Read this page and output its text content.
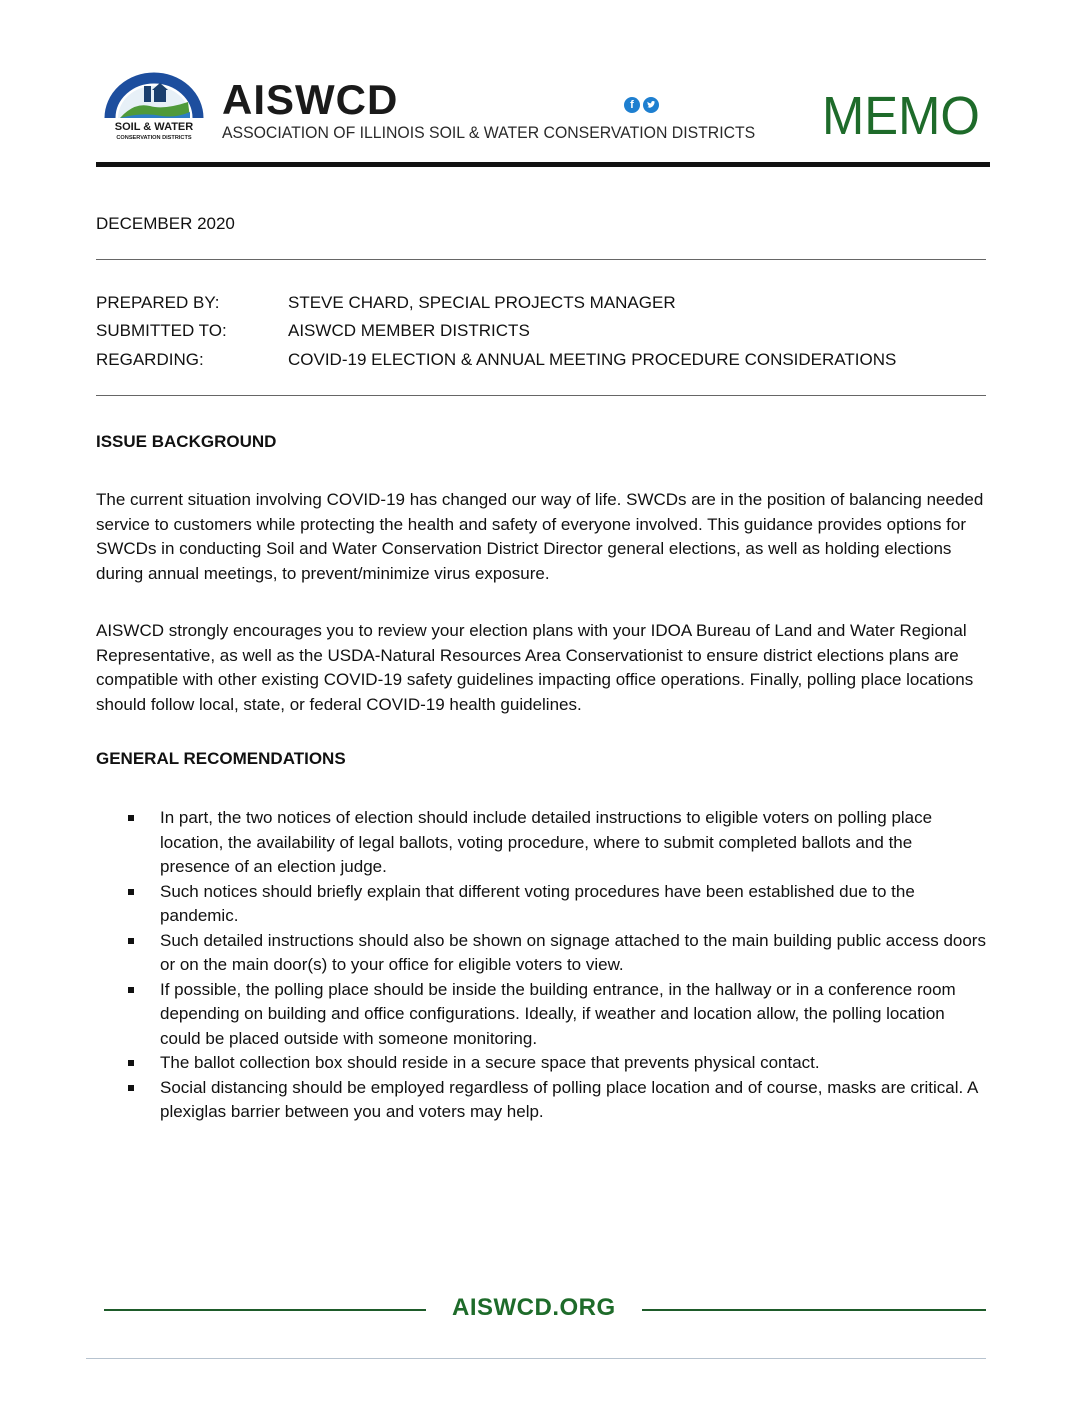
SOIL & WATER
CONSERVATION DISTRICTS
AISWCD
ASSOCIATION OF ILLINOIS SOIL & WATER CONSERVATION DISTRICTS
f	MEMO
DECEMBER 2020
PREPARED BY:	STEVE CHARD, SPECIAL PROJECTS MANAGER
SUBMITTED TO:	AISWCD MEMBER DISTRICTS
REGARDING:	COVID-19 ELECTION & ANNUAL MEETING PROCEDURE CONSIDERATIONS
ISSUE BACKGROUND
The current situation involving COVID-19 has changed our way of life. SWCDs are in the position of balancing needed service to customers while protecting the health and safety of everyone involved. This guidance provides options for SWCDs in conducting Soil and Water Conservation District Director general elections, as well as holding elections during annual meetings, to prevent/minimize virus exposure.
AISWCD strongly encourages you to review your election plans with your IDOA Bureau of Land and Water Regional Representative, as well as the USDA-Natural Resources Area Conservationist to ensure district elections plans are compatible with other existing COVID-19 safety guidelines impacting office operations. Finally, polling place locations should follow local, state, or federal COVID-19 health guidelines.
GENERAL RECOMENDATIONS
In part, the two notices of election should include detailed instructions to eligible voters on polling place location, the availability of legal ballots, voting procedure, where to submit completed ballots and the presence of an election judge.
Such notices should briefly explain that different voting procedures have been established due to the pandemic.
Such detailed instructions should also be shown on signage attached to the main building public access doors or on the main door(s) to your office for eligible voters to view.
If possible, the polling place should be inside the building entrance, in the hallway or in a conference room depending on building and office configurations. Ideally, if weather and location allow, the polling location could be placed outside with someone monitoring.
The ballot collection box should reside in a secure space that prevents physical contact.
Social distancing should be employed regardless of polling place location and of course, masks are critical. A plexiglas barrier between you and voters may help.
AISWCD.ORG
